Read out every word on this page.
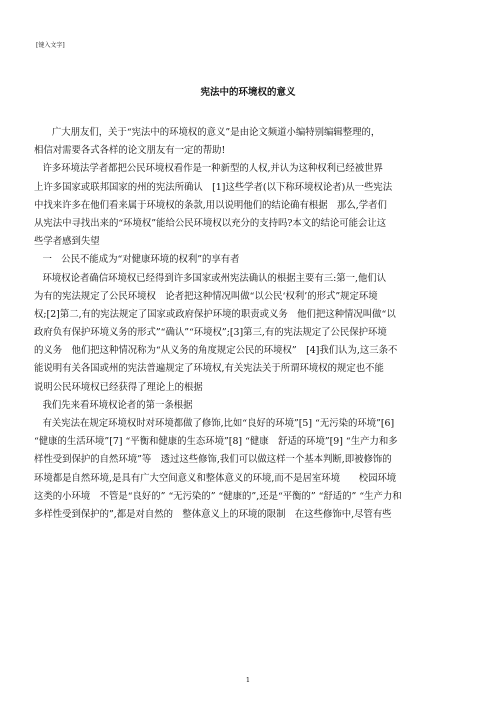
[键入文字]
宪法中的环境权的意义
广大朋友们，关于“宪法中的环境权的意义”是由论文频道小编特别编辑整理的，
相信对需要各式各样的论文朋友有一定的帮助!
许多环境法学者都把公民环境权看作是一种新型的人权,并认为这种权利已经被世界
上许多国家或联邦国家的州的宪法所确认　[1]这些学者(以下称环境权论者)从一些宪法
中找来许多在他们看来属于环境权的条款,用以说明他们的结论确有根据　那么,学者们
从宪法中寻找出来的“环境权”能给公民环境权以充分的支持吗?本文的结论可能会让这
些学者感到失望
一　公民不能成为“对健康环境的权利”的享有者
环境权论者确信环境权已经得到许多国家或州宪法确认的根据主要有三:第一,他们认
为有的宪法规定了公民环境权　论者把这种情况叫做“以公民‘权利’的形式”规定环境
权;[2]第二,有的宪法规定了国家或政府保护环境的职责或义务　他们把这种情况叫做“以
政府负有保护环境义务的形式”“确认”“环境权”;[3]第三,有的宪法规定了公民保护环境
的义务　他们把这种情况称为“从义务的角度规定公民的环境权”　[4]我们认为,这三条不
能说明有关各国或州的宪法普遍规定了环境权,有关宪法关于所谓环境权的规定也不能
说明公民环境权已经获得了理论上的根据
我们先来看环境权论者的第一条根据
有关宪法在规定环境权时对环境都做了修饰,比如“良好的环境”[5] “无污染的环境”[6]
“健康的生活环境”[7] “平衡和健康的生态环境”[8] “健康　舒适的环境”[9] “生产力和多
样性受到保护的自然环境”等　透过这些修饰,我们可以做这样一个基本判断,即被修饰的
环境都是自然环境,是具有广大空间意义和整体意义的环境,而不是居室环境　　校园环境
这类的小环境　不管是“良好的” “无污染的” “健康的”,还是“平衡的” “舒适的” “生产力和
多样性受到保护的”,都是对自然的　整体意义上的环境的限制　在这些修饰中,尽管有些
1
